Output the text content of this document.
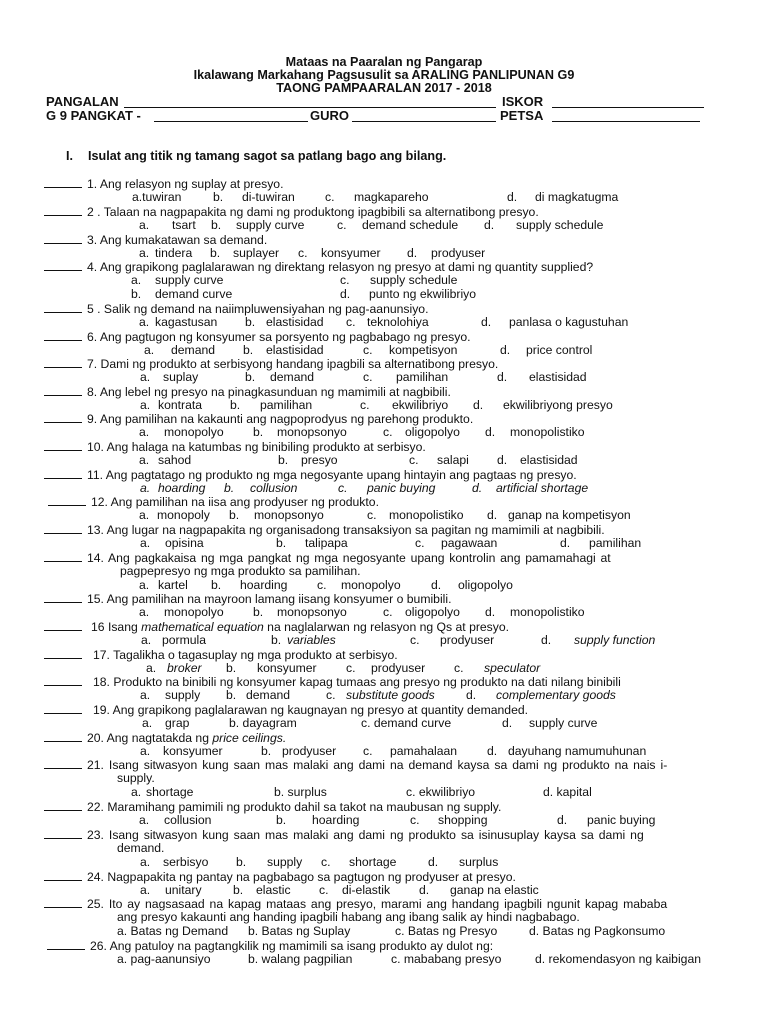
Mataas na Paaralan ng Pangarap
Ikalawang Markahang Pagsusulit sa ARALING PANLIPUNAN G9
TAONG PAMPAARALAN 2017 - 2018
PANGALAN	ISKOR
G 9 PANGKAT -	GURO	PETSA
I. Isulat ang titik ng tamang sagot sa patlang bago ang bilang.
1. Ang relasyon ng suplay at presyo.
a.tuwiran	b. di-tuwiran c. magkapareho	d. di magkatugma
2 . Talaan na nagpapakita ng dami ng produktong ipagbibili sa alternatibong presyo.
a. tsart b. supply curve	c. demand schedule d. supply schedule
3. Ang kumakatawan sa demand.
a. tindera b. suplayer c. konsyumer d. prodyuser
4. Ang grapikong paglalarawan ng direktang relasyon ng presyo at dami ng quantity supplied?
a. supply curve	c. supply schedule
b. demand curve	d. punto ng ekwilibriyo
5 . Salik ng demand na naiimpluwensiyahan ng pag-aanunsiyo.
a. kagastusan b. elastisidad c. teknolohiya	d. panlasa o kagustuhan
6. Ang pagtugon ng konsyumer sa porsyento ng pagbabago ng presyo.
a. demand b. elastisidad	c. kompetisyon	d. price control
7. Dami ng produkto at serbisyong handang ipagbili sa alternatibong presyo.
a. suplay	b. demand	c. pamilihan	d. elastisidad
8. Ang lebel ng presyo na pinagkasunduan ng mamimili at nagbibili.
a. kontrata b. pamilihan	c. ekwilibriyo d. ekwilibriyong presyo
9. Ang pamilihan na kakaunti ang nagpoprodyus ng parehong produkto.
a. monopolyo b. monopsonyo	c. oligopolyo d. monopolistiko
10. Ang halaga na katumbas ng binibiling produkto at serbisyo.
a. sahod	b. presyo	c. salapi d. elastisidad
11. Ang pagtatago ng produkto ng mga negosyante upang hintayin ang pagtaas ng presyo.
a. hoarding b. collusion	c. panic buying	d. artificial shortage
12. Ang pamilihan na iisa ang prodyuser ng produkto.
a. monopoly b. monopsonyo	c. monopolistiko d. ganap na kompetisyon
13. Ang lugar na nagpapakita ng organisadong transaksiyon sa pagitan ng mamimili at nagbibili.
a. opisina	b. talipapa	c. pagawaan	d. pamilihan
14. Ang pagkakaisa ng mga pangkat ng mga negosyante upang kontrolin ang pamamahagi at
pagpepresyo ng mga produkto sa pamilihan.
a. kartel b. hoarding c. monopolyo d. oligopolyo
15. Ang pamilihan na mayroon lamang iisang konsyumer o bumibili.
a. monopolyo b. monopsonyo	c. oligopolyo d. monopolistiko
16 Isang mathematical equation na naglalarwan ng relasyon ng Qs at presyo.
a. pormula	b. variables	c. prodyuser	d. supply function
17. Tagalikha o tagasuplay ng mga produkto at serbisyo.
a. broker b. konsyumer c. prodyuser c. speculator
18. Produkto na binibili ng konsyumer kapag tumaas ang presyo ng produkto na dati nilang binibili
a. supply b. demand	c. substitute goods	d. complementary goods
19. Ang grapikong paglalarawan ng kaugnayan ng presyo at quantity demanded.
a. grap	b. dayagram	c. demand curve	d. supply curve
20. Ang nagtatakda ng price ceilings.
a. konsyumer	b. prodyuser c. pamahalaan d. dayuhang namumuhunan
21. Isang sitwasyon kung saan mas malaki ang dami na demand kaysa sa dami ng produkto na nais i-
supply.
a. shortage	b. surplus	c. ekwilibriyo	d. kapital
22. Maramihang pamimili ng produkto dahil sa takot na maubusan ng supply.
a. collusion	b. hoarding	c. shopping	d. panic buying
23. Isang sitwasyon kung saan mas malaki ang dami ng produkto sa isinusuplay kaysa sa dami ng
demand.
a. serbisyo b. supply c. shortage	d. surplus
24. Nagpapakita ng pantay na pagbabago sa pagtugon ng prodyuser at presyo.
a. unitary	b. elastic c. di-elastik d. ganap na elastic
25. Ito ay nagsasaad na kapag mataas ang presyo, marami ang handang ipagbili ngunit kapag mababa
ang presyo kakaunti ang handing ipagbili habang ang ibang salik ay hindi nagbabago.
a. Batas ng Demand b. Batas ng Suplay	c. Batas ng Presyo	d. Batas ng Pagkonsumo
26. Ang patuloy na pagtangkilik ng mamimili sa isang produkto ay dulot ng:
a. pag-aanunsiyo	b. walang pagpilian	c. mababang presyo	d. rekomendasyon ng kaibigan
